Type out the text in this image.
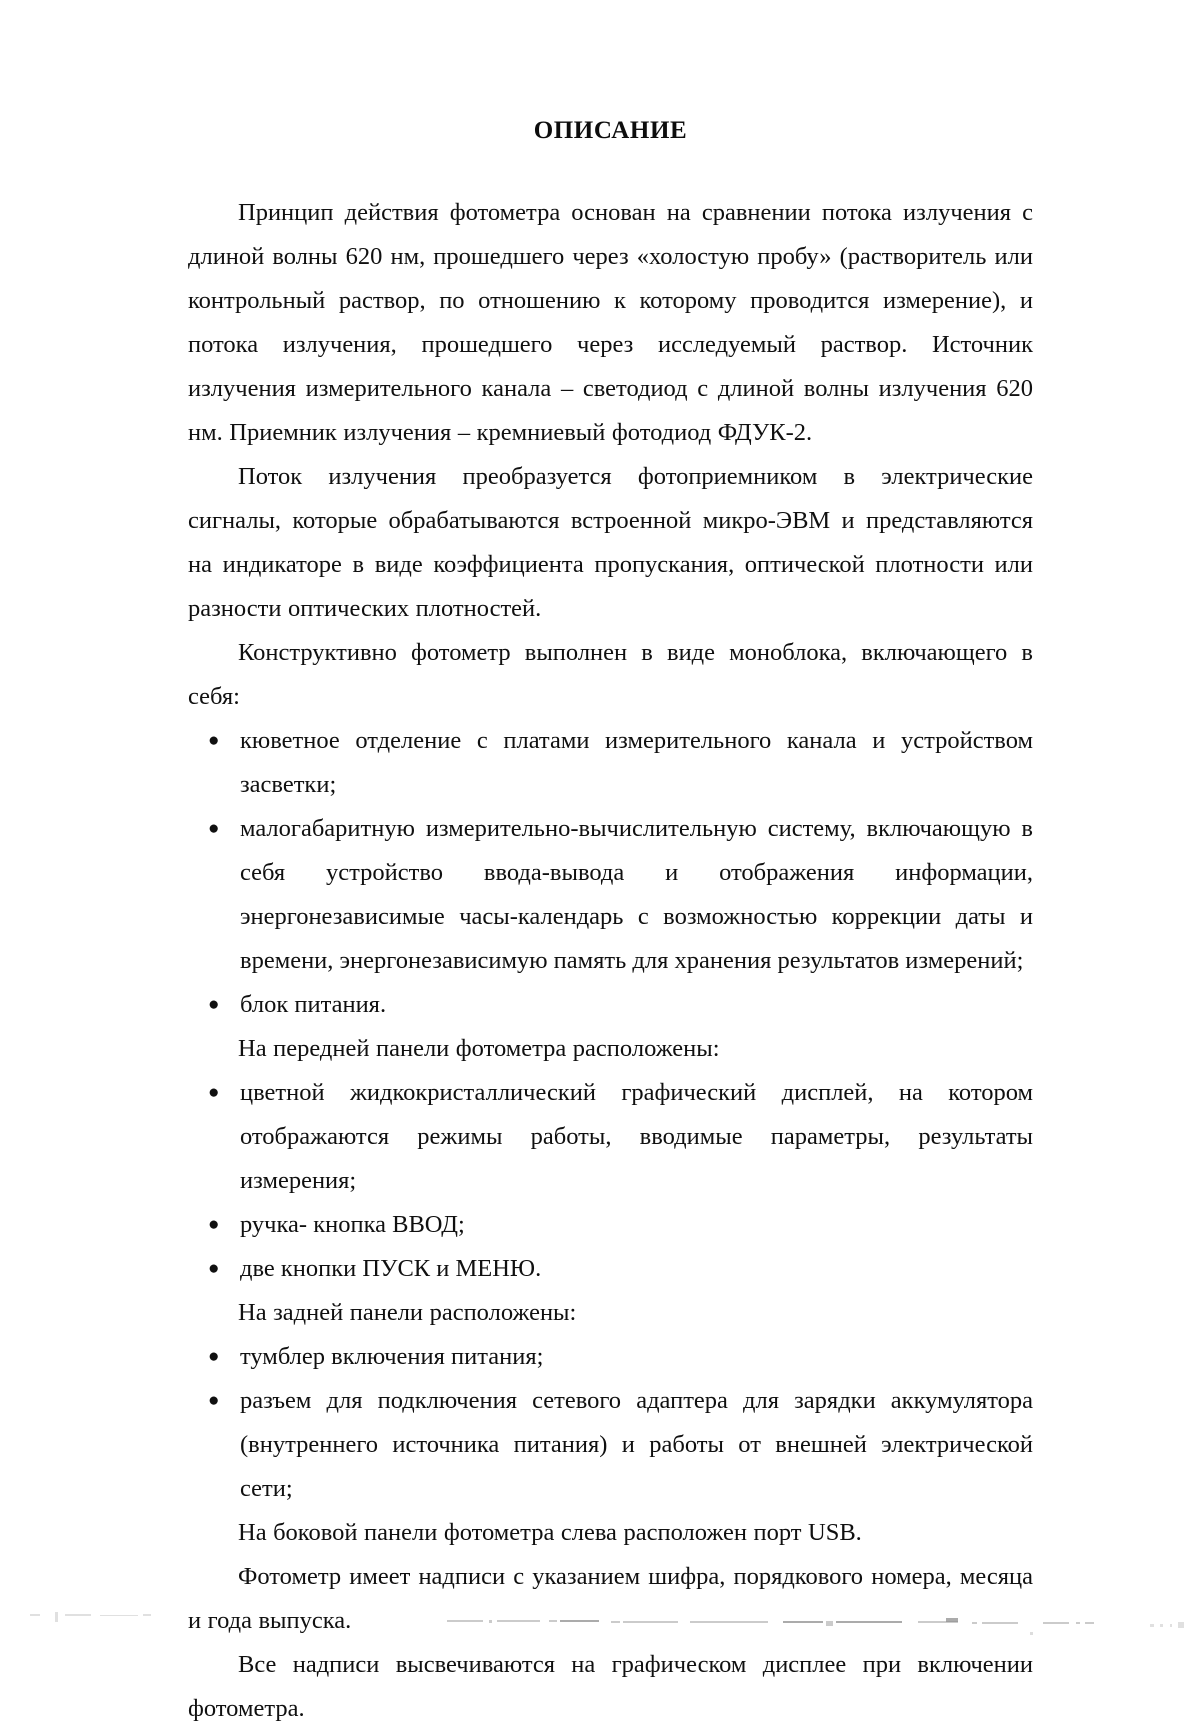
ОПИСАНИЕ

Принцип действия фотометра основан на сравнении потока излучения с длиной волны 620 нм, прошедшего через «холостую пробу» (растворитель или контрольный раствор, по отношению к которому проводится измерение), и потока излучения, прошедшего через исследуемый раствор. Источник излучения измерительного канала – светодиод с длиной волны излучения 620 нм. Приемник излучения – кремниевый фотодиод ФДУК-2.

Поток излучения преобразуется фотоприемником в электрические сигналы, которые обрабатываются встроенной микро-ЭВМ и представляются на индикаторе в виде коэффициента пропускания, оптической плотности или разности оптических плотностей.

Конструктивно фотометр выполнен в виде моноблока, включающего в себя:

● кюветное отделение с платами измерительного канала и устройством засветки;
● малогабаритную измерительно-вычислительную систему, включающую в себя устройство ввода-вывода и отображения информации, энергонезависимые часы-календарь с возможностью коррекции даты и времени, энергонезависимую память для хранения результатов измерений;
● блок питания.

На передней панели фотометра расположены:

● цветной жидкокристаллический графический дисплей, на котором отображаются режимы работы, вводимые параметры, результаты измерения;
● ручка- кнопка ВВОД;
● две кнопки ПУСК и МЕНЮ.

На задней панели расположены:

● тумблер включения питания;
● разъем для подключения сетевого адаптера для зарядки аккумулятора (внутреннего источника питания) и работы от внешней электрической сети;

На боковой панели фотометра слева расположен порт USB.

Фотометр имеет надписи с указанием шифра, порядкового номера, месяца и года выпуска.

Все надписи высвечиваются на графическом дисплее при включении фотометра.
